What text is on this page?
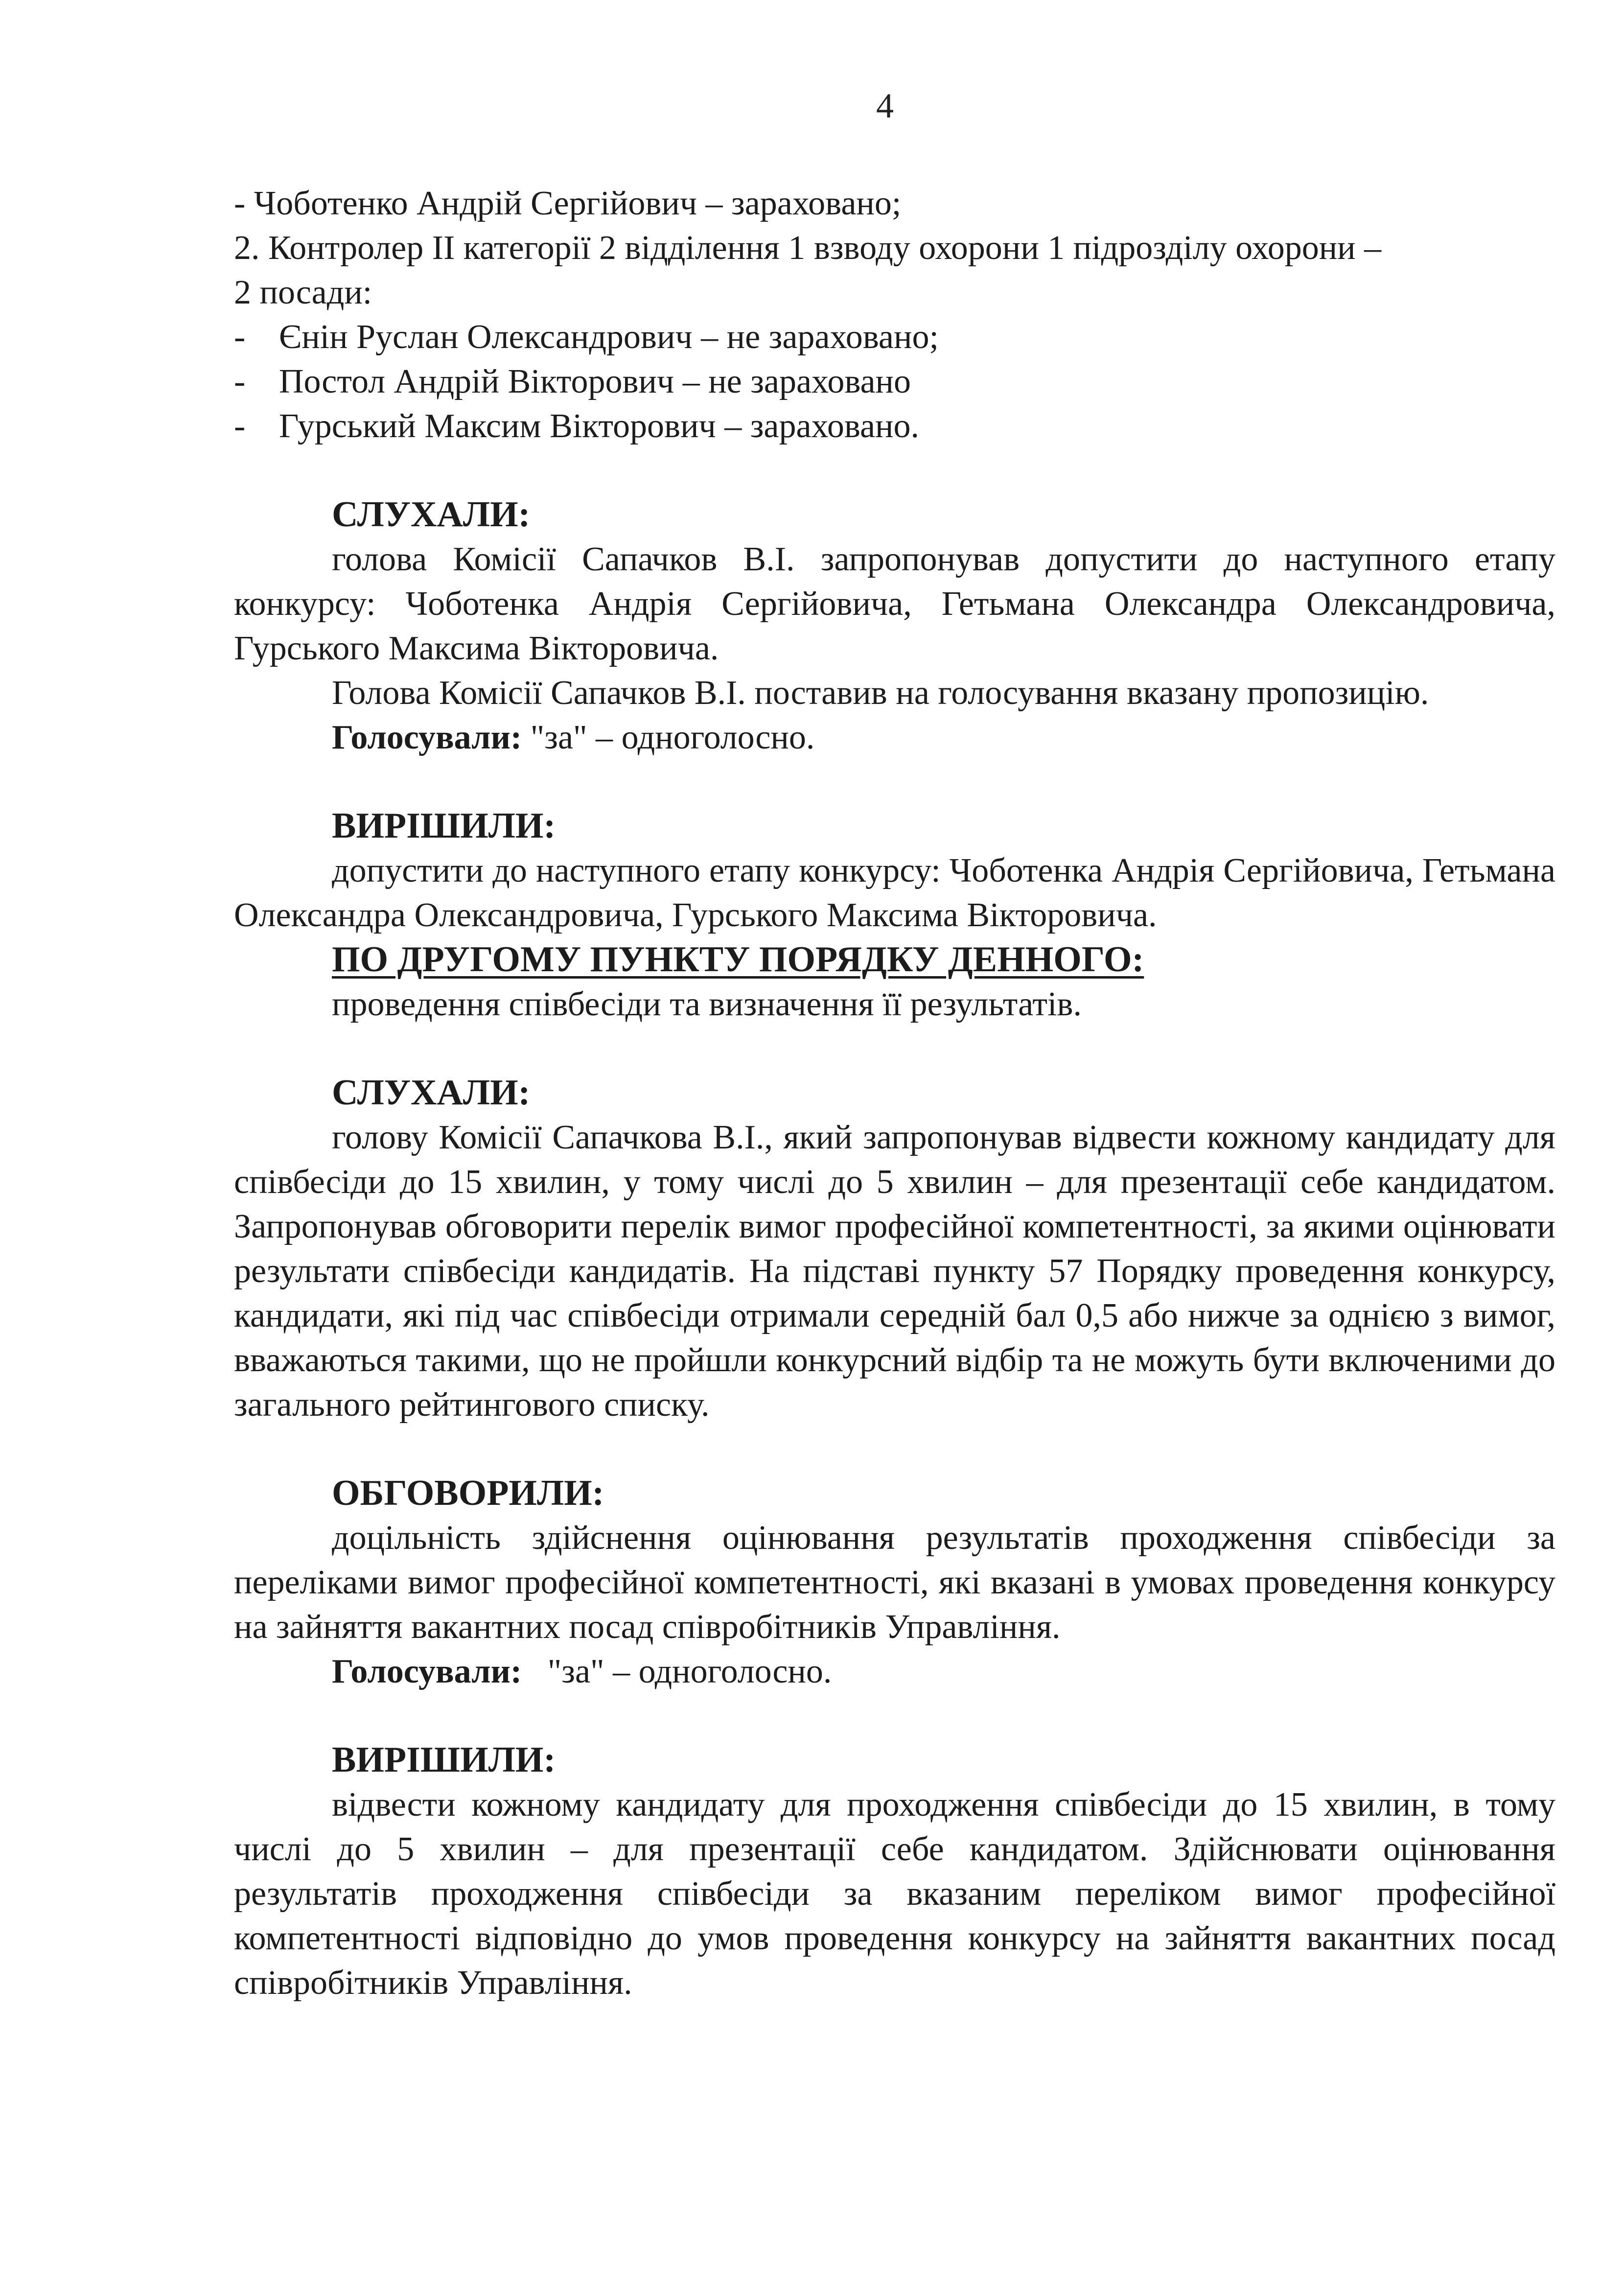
4
- Чоботенко Андрій Сергійович – зараховано;
2. Контролер ІІ категорії 2 відділення 1 взводу охорони 1 підрозділу охорони –
2 посади:
- Єнін Руслан Олександрович – не зараховано;
- Постол Андрій Вікторович – не зараховано
- Гурський Максим Вікторович – зараховано.
СЛУХАЛИ:
голова Комісії Сапачков В.І. запропонував допустити до наступного етапу конкурсу: Чоботенка Андрія Сергійовича, Гетьмана Олександра Олександровича, Гурського Максима Вікторовича.
Голова Комісії Сапачков В.І. поставив на голосування вказану пропозицію.
Голосували: "за" – одноголосно.
ВИРІШИЛИ:
допустити до наступного етапу конкурсу: Чоботенка Андрія Сергійовича, Гетьмана Олександра Олександровича, Гурського Максима Вікторовича.
ПО ДРУГОМУ ПУНКТУ ПОРЯДКУ ДЕННОГО:
проведення співбесіди та визначення її результатів.
СЛУХАЛИ:
голову Комісії Сапачкова В.І., який запропонував відвести кожному кандидату для співбесіди до 15 хвилин, у тому числі до 5 хвилин – для презентації себе кандидатом. Запропонував обговорити перелік вимог професійної компетентності, за якими оцінювати результати співбесіди кандидатів. На підставі пункту 57 Порядку проведення конкурсу, кандидати, які під час співбесіди отримали середній бал 0,5 або нижче за однією з вимог, вважаються такими, що не пройшли конкурсний відбір та не можуть бути включеними до загального рейтингового списку.
ОБГОВОРИЛИ:
доцільність здійснення оцінювання результатів проходження співбесіди за переліками вимог професійної компетентності, які вказані в умовах проведення конкурсу на зайняття вакантних посад співробітників Управління.
Голосували:   "за" – одноголосно.
ВИРІШИЛИ:
відвести кожному кандидату для проходження співбесіди до 15 хвилин, в тому числі до 5 хвилин – для презентації себе кандидатом. Здійснювати оцінювання результатів проходження співбесіди за вказаним переліком вимог професійної компетентності відповідно до умов проведення конкурсу на зайняття вакантних посад співробітників Управління.
